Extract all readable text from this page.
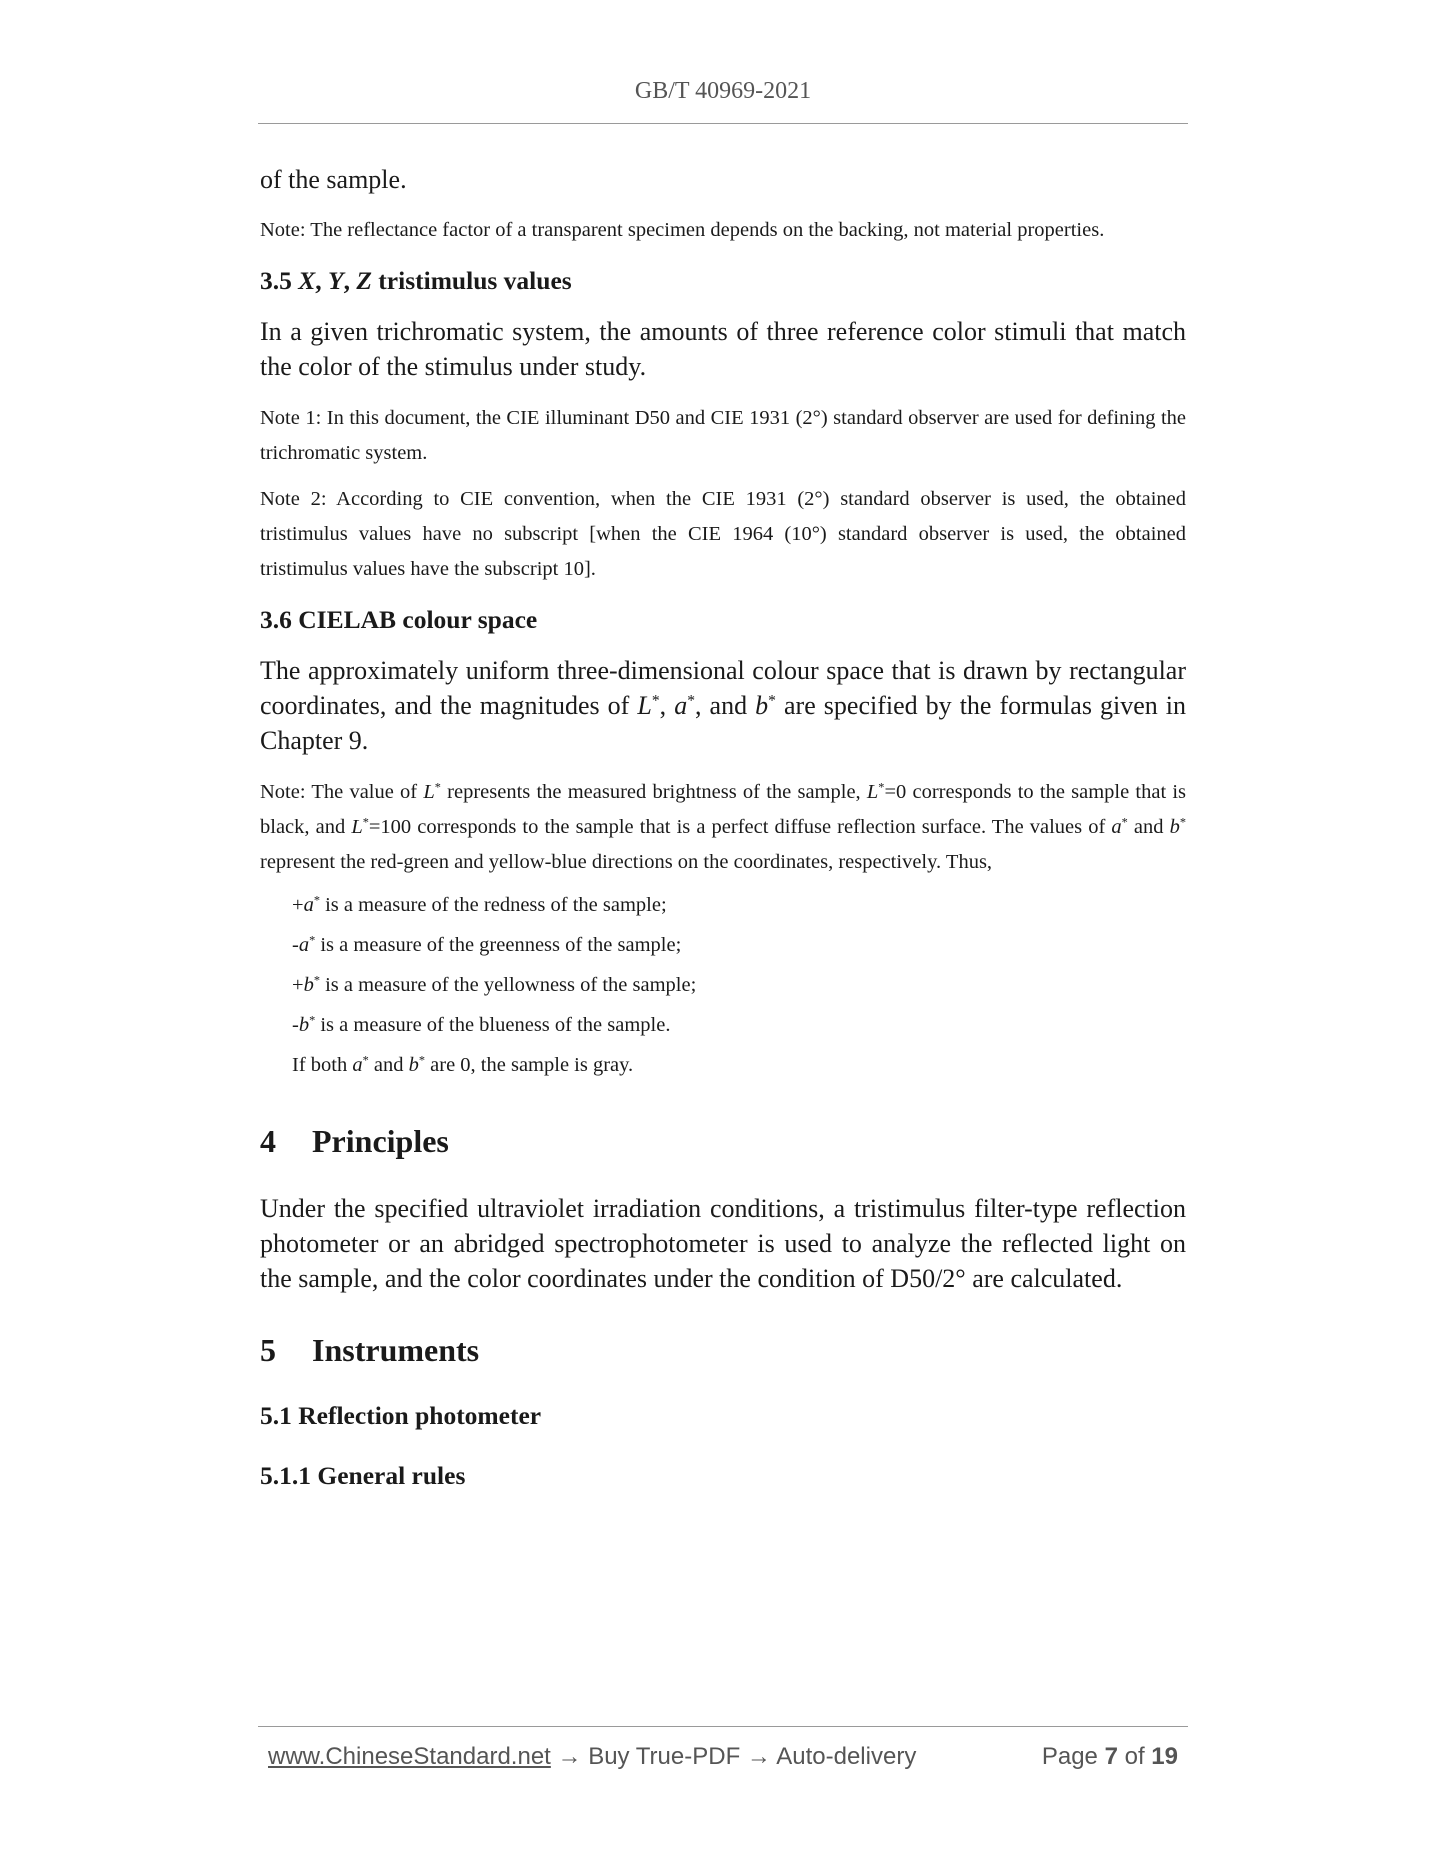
GB/T 40969-2021

of the sample.

Note: The reflectance factor of a transparent specimen depends on the backing, not material properties.

3.5 X, Y, Z tristimulus values

In a given trichromatic system, the amounts of three reference color stimuli that match the color of the stimulus under study.

Note 1: In this document, the CIE illuminant D50 and CIE 1931 (2°) standard observer are used for defining the trichromatic system.

Note 2: According to CIE convention, when the CIE 1931 (2°) standard observer is used, the obtained tristimulus values have no subscript [when the CIE 1964 (10°) standard observer is used, the obtained tristimulus values have the subscript 10].

3.6 CIELAB colour space

The approximately uniform three-dimensional colour space that is drawn by rectangular coordinates, and the magnitudes of L*, a*, and b* are specified by the formulas given in Chapter 9.

Note: The value of L* represents the measured brightness of the sample, L*=0 corresponds to the sample that is black, and L*=100 corresponds to the sample that is a perfect diffuse reflection surface. The values of a* and b* represent the red-green and yellow-blue directions on the coordinates, respectively. Thus,

+a* is a measure of the redness of the sample;

-a* is a measure of the greenness of the sample;

+b* is a measure of the yellowness of the sample;

-b* is a measure of the blueness of the sample.

If both a* and b* are 0, the sample is gray.

4 Principles

Under the specified ultraviolet irradiation conditions, a tristimulus filter-type reflection photometer or an abridged spectrophotometer is used to analyze the reflected light on the sample, and the color coordinates under the condition of D50/2° are calculated.

5 Instruments

5.1 Reflection photometer

5.1.1 General rules

www.ChineseStandard.net → Buy True-PDF → Auto-delivery	Page 7 of 19
